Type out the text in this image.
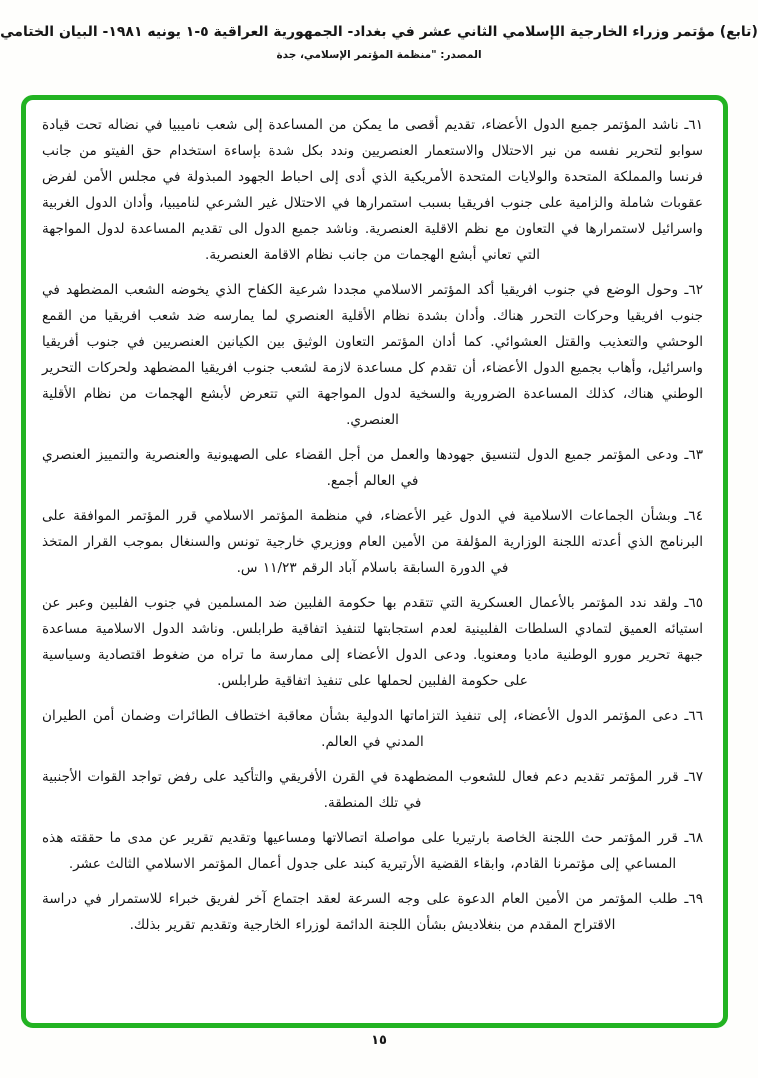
(تابع) مؤتمر وزراء الخارجية الإسلامي الثاني عشر في بغداد- الجمهورية العراقية ١‎-‎٥ يونيه ١٩٨١- البيان الختامي
المصدر: "منظمة المؤتمر الإسلامي، جدة

٦١ـ ناشد المؤتمر جميع الدول الأعضاء، تقديم أقصى ما يمكن من المساعدة إلى شعب ناميبيا في نضاله تحت قيادة سوابو لتحرير نفسه من نير الاحتلال والاستعمار العنصريين وندد بكل شدة بإساءة استخدام حق الفيتو من جانب فرنسا والمملكة المتحدة والولايات المتحدة الأمريكية الذي أدى إلى احباط الجهود المبذولة في مجلس الأمن لفرض عقوبات شاملة والزامية على جنوب افريقيا بسبب استمرارها في الاحتلال غير الشرعي لناميبيا، وأدان الدول الغربية واسرائيل لاستمرارها في التعاون مع نظم الاقلية العنصرية. وناشد جميع الدول الى تقديم المساعدة لدول المواجهة التي تعاني أبشع الهجمات من جانب نظام الاقامة العنصرية.

٦٢ـ وحول الوضع في جنوب افريقيا أكد المؤتمر الاسلامي مجددا شرعية الكفاح الذي يخوضه الشعب المضطهد في جنوب افريقيا وحركات التحرر هناك. وأدان بشدة نظام الأقلية العنصري لما يمارسه ضد شعب افريقيا من القمع الوحشي والتعذيب والقتل العشوائي. كما أدان المؤتمر التعاون الوثيق بين الكيانين العنصريين في جنوب أفريقيا واسرائيل، وأهاب بجميع الدول الأعضاء، أن تقدم كل مساعدة لازمة لشعب جنوب افريقيا المضطهد ولحركات التحرير الوطني هناك، كذلك المساعدة الضرورية والسخية لدول المواجهة التي تتعرض لأبشع الهجمات من نظام الأقلية العنصري.

٦٣ـ ودعى المؤتمر جميع الدول لتنسيق جهودها والعمل من أجل القضاء على الصهيونية والعنصرية والتمييز العنصري في العالم أجمع.

٦٤ـ وبشأن الجماعات الاسلامية في الدول غير الأعضاء، في منظمة المؤتمر الاسلامي قرر المؤتمر الموافقة على البرنامج الذي أعدته اللجنة الوزارية المؤلفة من الأمين العام ووزيري خارجية تونس والسنغال بموجب القرار المتخذ في الدورة السابقة باسلام آباد الرقم ١١/٢٣ س.

٦٥ـ ولقد ندد المؤتمر بالأعمال العسكرية التي تتقدم بها حكومة الفلبين ضد المسلمين في جنوب الفلبين وعبر عن استيائه العميق لتمادي السلطات الفلبينية لعدم استجابتها لتنفيذ اتفاقية طرابلس. وناشد الدول الاسلامية مساعدة جبهة تحرير مورو الوطنية ماديا ومعنويا. ودعى الدول الأعضاء إلى ممارسة ما تراه من ضغوط اقتصادية وسياسية على حكومة الفلبين لحملها على تنفيذ اتفاقية طرابلس.

٦٦ـ دعى المؤتمر الدول الأعضاء، إلى تنفيذ التزاماتها الدولية بشأن معاقبة اختطاف الطائرات وضمان أمن الطيران المدني في العالم.

٦٧ـ قرر المؤتمر تقديم دعم فعال للشعوب المضطهدة في القرن الأفريقي والتأكيد على رفض تواجد القوات الأجنبية في تلك المنطقة.

٦٨ـ قرر المؤتمر حث اللجنة الخاصة بارتيريا على مواصلة اتصالاتها ومساعيها وتقديم تقرير عن مدى ما حققته هذه المساعي إلى مؤتمرنا القادم، وابقاء القضية الأرتيرية كبند على جدول أعمال المؤتمر الاسلامي الثالث عشر.

٦٩ـ طلب المؤتمر من الأمين العام الدعوة على وجه السرعة لعقد اجتماع آخر لفريق خبراء للاستمرار في دراسة الاقتراح المقدم من بنغلاديش بشأن اللجنة الدائمة لوزراء الخارجية وتقديم تقرير بذلك.

١٥
